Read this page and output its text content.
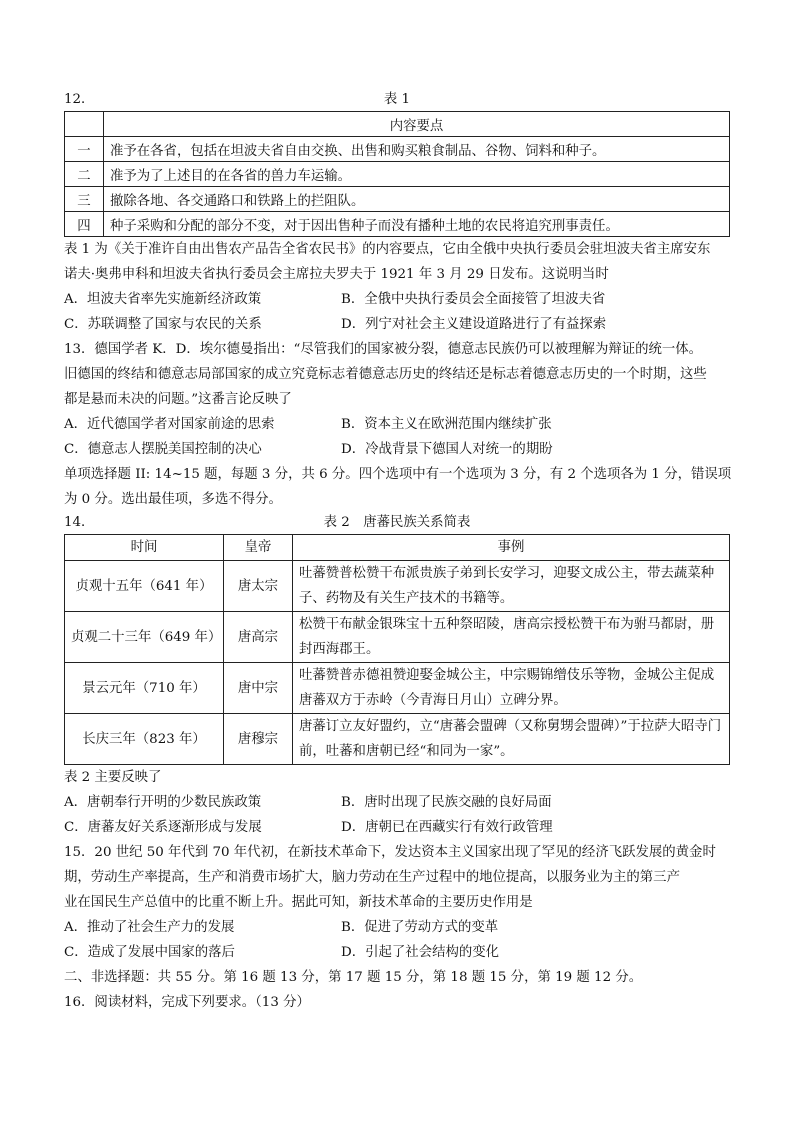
12．	表 1
	内容要点
一	准予在各省，包括在坦波夫省自由交换、出售和购买粮食制品、谷物、饲料和种子。
二	准予为了上述目的在各省的兽力车运输。
三	撤除各地、各交通路口和铁路上的拦阻队。
四	种子采购和分配的部分不变，对于因出售种子而没有播种土地的农民将追究刑事责任。
表 1 为《关于准许自由出售农产品告全省农民书》的内容要点，它由全俄中央执行委员会驻坦波夫省主席安东
诺夫·奥弗申科和坦波夫省执行委员会主席拉夫罗夫于 1921 年 3 月 29 日发布。这说明当时
A．坦波夫省率先实施新经济政策	B．全俄中央执行委员会全面接管了坦波夫省
C．苏联调整了国家与农民的关系	D．列宁对社会主义建设道路进行了有益探索
13．德国学者 K．D．埃尔德曼指出：“尽管我们的国家被分裂，德意志民族仍可以被理解为辩证的统一体。
旧德国的终结和德意志局部国家的成立究竟标志着德意志历史的终结还是标志着德意志历史的一个时期，这些
都是悬而未决的问题。”这番言论反映了
A．近代德国学者对国家前途的思索	B．资本主义在欧洲范围内继续扩张
C．德意志人摆脱美国控制的决心	D．冷战背景下德国人对统一的期盼
单项选择题 II: 14~15 题，每题 3 分，共 6 分。四个选项中有一个选项为 3 分，有 2 个选项各为 1 分，错误项
为 0 分。选出最佳项，多选不得分。
14．	表 2　唐蕃民族关系简表
时间	皇帝	事例
贞观十五年（641 年）	唐太宗	吐蕃赞普松赞干布派贵族子弟到长安学习，迎娶文成公主，带去蔬菜种子、药物及有关生产技术的书籍等。
贞观二十三年（649 年）	唐高宗	松赞干布献金银珠宝十五种祭昭陵，唐高宗授松赞干布为驸马都尉，册封西海郡王。
景云元年（710 年）	唐中宗	吐蕃赞普赤德祖赞迎娶金城公主，中宗赐锦缯伎乐等物，金城公主促成唐蕃双方于赤岭（今青海日月山）立碑分界。
长庆三年（823 年）	唐穆宗	唐蕃订立友好盟约，立“唐蕃会盟碑（又称舅甥会盟碑）”于拉萨大昭寺门前，吐蕃和唐朝已经“和同为一家”。
表 2 主要反映了
A．唐朝奉行开明的少数民族政策	B．唐时出现了民族交融的良好局面
C．唐蕃友好关系逐渐形成与发展	D．唐朝已在西藏实行有效行政管理
15．20 世纪 50 年代到 70 年代初，在新技术革命下，发达资本主义国家出现了罕见的经济飞跃发展的黄金时
期，劳动生产率提高，生产和消费市场扩大，脑力劳动在生产过程中的地位提高，以服务业为主的第三产
业在国民生产总值中的比重不断上升。据此可知，新技术革命的主要历史作用是
A．推动了社会生产力的发展	B．促进了劳动方式的变革
C．造成了发展中国家的落后	D．引起了社会结构的变化
二、非选择题：共 55 分。第 16 题 13 分，第 17 题 15 分，第 18 题 15 分，第 19 题 12 分。
16．阅读材料，完成下列要求。（13 分）
